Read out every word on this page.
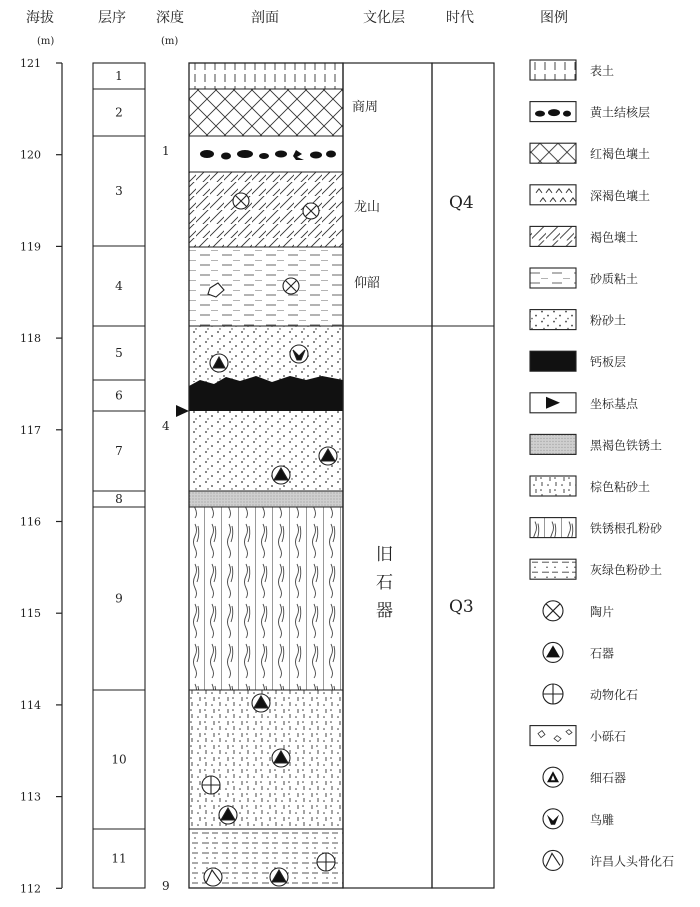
海拔
(m)
层序 深度
(m)
剖面	文化层	时代	图例
121
120
119
118
117
116
115
114
113
112
1
2
3
4
5
6
7
8
9
10
11
1
4
9
商周
龙山
仰韶
旧
石
器
Q4
Q3
表土
黄土结核层
红褐色壤土
深褐色壤土
褐色壤土
砂质粘土
粉砂土
钙板层
坐标基点
黑褐色铁锈土
棕色粘砂土
铁锈根孔粉砂
灰绿色粉砂土
陶片
石器
动物化石
小砾石
细石器
鸟雕
许昌人头骨化石
